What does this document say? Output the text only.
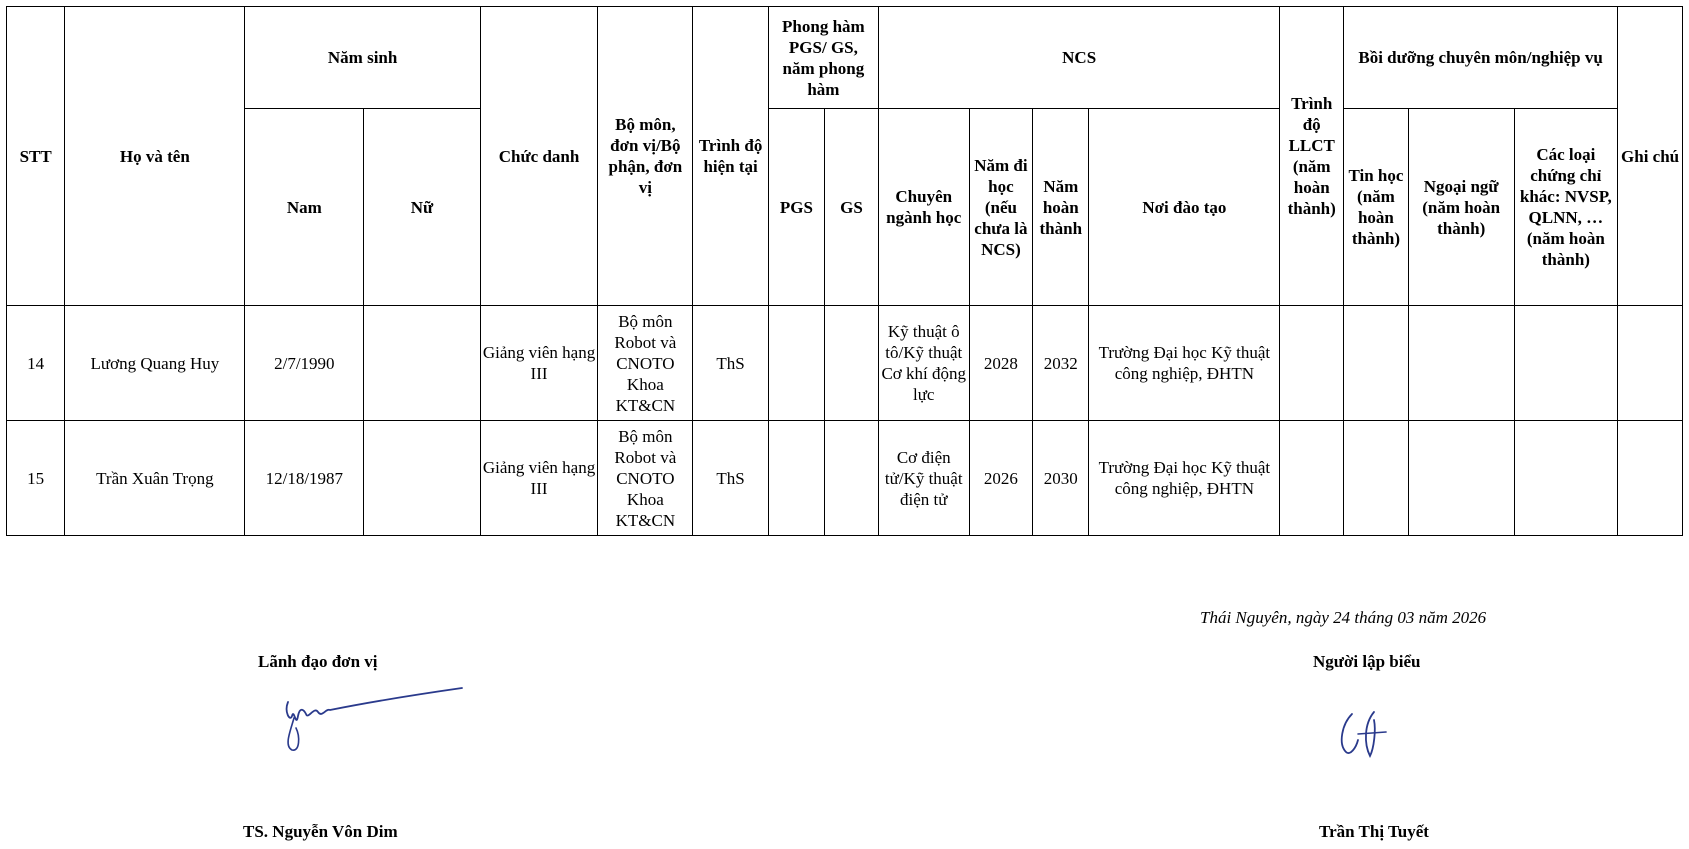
STT	Họ và tên	Năm sinh		Chức danh	Bộ môn, đơn vị/Bộ phận, đơn vị	Trình độ hiện tại	Phong hàm PGS/ GS, năm phong hàm		NCS				Trình độ LLCT (năm hoàn thành)	Bồi dưỡng chuyên môn/nghiệp vụ			Ghi chú
		Nam	Nữ				PGS	GS	Chuyên ngành học	Năm đi học (nếu chưa là NCS)	Năm hoàn thành	Nơi đào tạo		Tin học (năm hoàn thành)	Ngoại ngữ (năm hoàn thành)	Các loại chứng chỉ khác: NVSP, QLNN, …(năm hoàn thành)	
14	Lương Quang Huy	2/7/1990		Giảng viên hạng III	Bộ môn Robot và CNOTO Khoa KT&CN	ThS			Kỹ thuật ô tô/Kỹ thuật Cơ khí động lực	2028	2032	Trường Đại học Kỹ thuật công nghiệp, ĐHTN					
15	Trần Xuân Trọng	12/18/1987		Giảng viên hạng III	Bộ môn Robot và CNOTO Khoa KT&CN	ThS			Cơ điện tử/Kỹ thuật điện tử	2026	2030	Trường Đại học Kỹ thuật công nghiệp, ĐHTN					
Thái Nguyên, ngày 24 tháng 03 năm 2026
Lãnh đạo đơn vị
TS. Nguyễn Vôn Dim
Người lập biểu
Trần Thị Tuyết
